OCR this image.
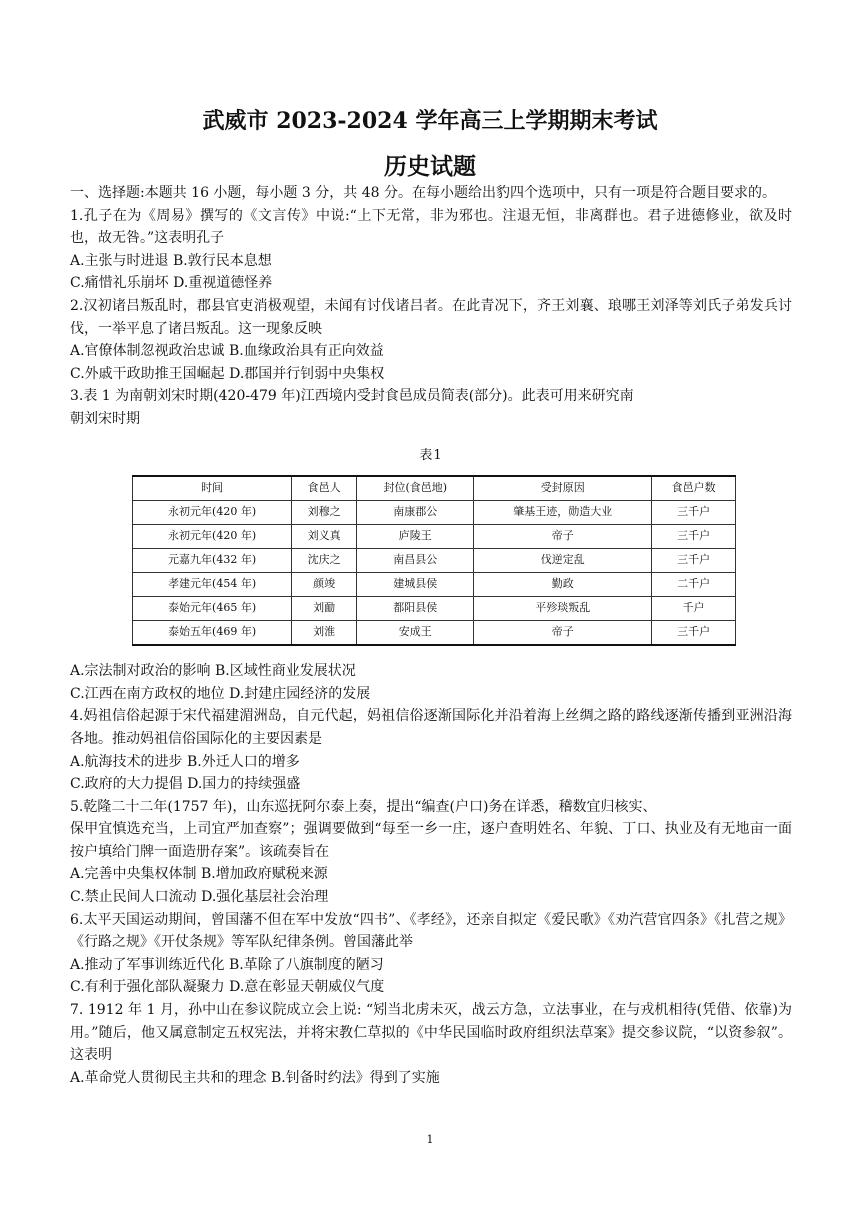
武威市 2023-2024 学年高三上学期期末考试
历史试题

一、选择题:本题共 16 小题，每小题 3 分，共 48 分。在每小题给出豹四个选项中，只有一项是符合题目要求的。

1.孔子在为《周易》撰写的《文言传》中说:“上下无常，非为邪也。注退无恒，非离群也。君子进德修业，欲及时也，故无咎。”这表明孔子

A.主张与时进退 B.敦行民本息想

C.痛惜礼乐崩坏 D.重视道德怪养

2.汉初诸吕叛乱时，郡县官吏消极观望，未闻有讨伐诸吕者。在此青况下，齐王刘襄、琅哪王刘泽等刘氏子弟发兵讨伐，一举平息了诸吕叛乱。这一现象反映

A.官僚体制忽视政治忠诚 B.血缘政治具有正向效益

C.外戚干政助推王国崛起 D.郡国并行钊弱中央集权

3.表 1 为南朝刘宋时期(420-479 年)江西境内受封食邑成员简表(部分)。此表可用来研究南

朝刘宋时期

表1
时间	食邑人	封位(食邑地)	受封原因	食邑户数
永初元年(420 年)	刘穆之	南康郡公	肇基王迹，勋造大业	三千户
永初元年(420 年)	刘义真	庐陵王	帝子	三千户
元嘉九年(432 年)	沈庆之	南昌县公	伐逆定乱	三千户
孝建元年(454 年)	颜竣	建城县侯	勤政	二千户
泰始元年(465 年)	刘勔	都阳县侯	平殄琰叛乱	千户
泰始五年(469 年)	刘淮	安成王	帝子	三千户

A.宗法制对政治的影响 B.区域性商业发展状况

C.江西在南方政权的地位 D.封建庄园经济的发展

4.妈祖信俗起源于宋代福建湄洲岛，自元代起，妈祖信俗逐渐国际化并沿着海上丝绸之路的路线逐渐传播到亚洲沿海各地。推动妈祖信俗国际化的主要因素是

A.航海技术的进步 B.外迁人口的增多

C.政府的大力提倡 D.国力的持续强盛

5.乾隆二十二年(1757 年)，山东巡抚阿尔泰上奏，提出“编查(户口)务在详悉，稽数宜归核实、

保甲宜慎选充当，上司宜严加查察”；强调要做到“每至一乡一庄，逐户查明姓名、年貌、丁口、执业及有无地亩一面按户填给门牌一面造册存案”。该疏奏旨在

A.完善中央集权体制 B.增加政府赋税来源

C.禁止民间人口流动 D.强化基层社会治理

6.太平天国运动期间，曾国藩不但在军中发放“四书”、《孝经》，还亲自拟定《爱民歌》《劝汽营官四条》《扎营之规》《行路之规》《开仗条规》等军队纪律条例。曾国藩此举

A.推动了军事训练近代化 B.革除了八旗制度的陋习

C.有利于强化部队凝聚力 D.意在彰显天朝威仪气度

7. 1912 年 1 月，孙中山在参议院成立会上说: “矧当北虏未灭，战云方急，立法事业，在与戎机相待(凭借、依靠)为用。”随后，他又属意制定五权宪法，并将宋教仁草拟的《中华民国临时政府组织法草案》提交参议院，“以资参叙”。这表明

A.革命党人贯彻民主共和的理念 B.钊备时约法》得到了实施

1
